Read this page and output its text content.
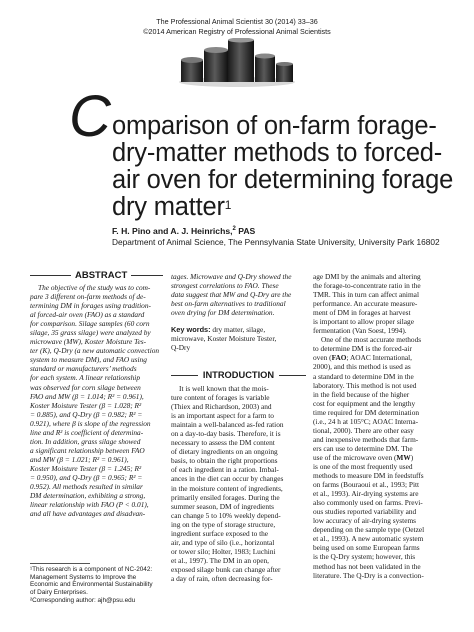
The Professional Animal Scientist 30 (2014) 33–36
©2014 American Registry of Professional Animal Scientists
C omparison of on-farm forage-
dry-matter methods to forced-
air oven for determining forage
dry matter$^1$
F. H. Pino and A. J. Heinrichs,$^2$ PAS
Department of Animal Science, The Pennsylvania State University, University Park 16802
ABSTRACT
The objective of the study was to com-
pare 3 different on-farm methods of de-
termining DM in forages using tradition-
al forced-air oven (FAO) as a standard
for comparison. Silage samples (60 corn
silage, 35 grass silage) were analyzed by
microwave (MW), Koster Moisture Tes-
ter (K), Q-Dry (a new automatic convection
system to measure DM), and FAO using
standard or manufacturers’ methods
for each system. A linear relationship
was observed for corn silage between
FAO and MW (β = 1.014; R² = 0.961),
Koster Moisture Tester (β = 1.028; R²
= 0.885), and Q-Dry (β = 0.982; R² =
0.921), where β is slope of the regression
line and R² is coefficient of determina-
tion. In addition, grass silage showed
a significant relationship between FAO
and MW (β = 1.021; R² = 0.961),
Koster Moisture Tester (β = 1.245; R²
= 0.950), and Q-Dry (β = 0.965; R² =
0.952). All methods resulted in similar
DM determination, exhibiting a strong,
linear relationship with FAO (P < 0.01),
and all have advantages and disadvan-
tages. Microwave and Q-Dry showed the
strongest correlations to FAO. These
data suggest that MW and Q-Dry are the
best on-farm alternatives to traditional
oven drying for DM determination.
Key words: dry matter, silage,
microwave, Koster Moisture Tester,
Q-Dry
INTRODUCTION
It is well known that the mois-
ture content of forages is variable
(Thiex and Richardson, 2003) and
is an important aspect for a farm to
maintain a well-balanced as-fed ration
on a day-to-day basis. Therefore, it is
necessary to assess the DM content
of dietary ingredients on an ongoing
basis, to obtain the right proportions
of each ingredient in a ration. Imbal-
ances in the diet can occur by changes
in the moisture content of ingredients,
primarily ensiled forages. During the
summer season, DM of ingredients
can change 5 to 10% weekly depend-
ing on the type of storage structure,
ingredient surface exposed to the
air, and type of silo (i.e., horizontal
or tower silo; Holter, 1983; Luchini
et al., 1997). The DM in an open,
exposed silage bunk can change after
a day of rain, often decreasing for-
age DMI by the animals and altering
the forage-to-concentrate ratio in the
TMR. This in turn can affect animal
performance. An accurate measure-
ment of DM in forages at harvest
is important to allow proper silage
fermentation (Van Soest, 1994).
One of the most accurate methods
to determine DM is the forced-air
oven (FAO; AOAC International,
2000), and this method is used as
a standard to determine DM in the
laboratory. This method is not used
in the field because of the higher
cost for equipment and the lengthy
time required for DM determination
(i.e., 24 h at 105°C; AOAC Interna-
tional, 2000). There are other easy
and inexpensive methods that farm-
ers can use to determine DM. The
use of the microwave oven (MW)
is one of the most frequently used
methods to measure DM in feedstuffs
on farms (Bouraoui et al., 1993; Pitt
et al., 1993). Air-drying systems are
also commonly used on farms. Previ-
ous studies reported variability and
low accuracy of air-drying systems
depending on the sample type (Oetzel
et al., 1993). A new automatic system
being used on some European farms
is the Q-Dry system; however, this
method has not been validated in the
literature. The Q-Dry is a convection-
¹This research is a component of NC-2042:
Management Systems to Improve the
Economic and Environmental Sustainability
of Dairy Enterprises.
²Corresponding author: ajh@psu.edu
